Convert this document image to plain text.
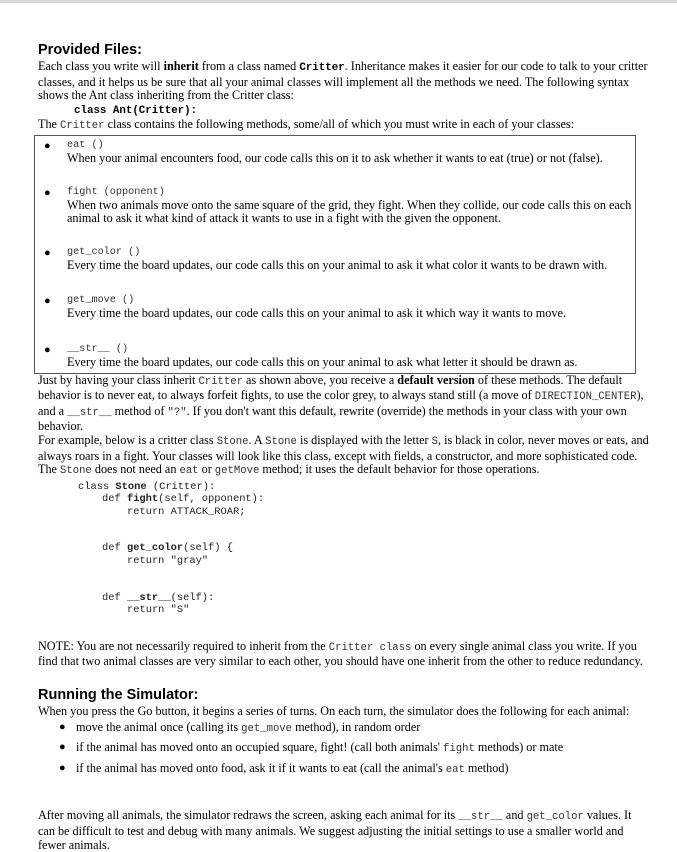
Provided Files:

Each class you write will inherit from a class named Critter. Inheritance makes it easier for our code to talk to your critter classes, and it helps us be sure that all your animal classes will implement all the methods we need. The following syntax shows the Ant class inheriting from the Critter class:

class Ant(Critter):

The Critter class contains the following methods, some/all of which you must write in each of your classes:

● eat ()

When your animal encounters food, our code calls this on it to ask whether it wants to eat (true) or not (false).

● fight (opponent)

When two animals move onto the same square of the grid, they fight. When they collide, our code calls this on each animal to ask it what kind of attack it wants to use in a fight with the given the opponent.

● get_color ()

Every time the board updates, our code calls this on your animal to ask it what color it wants to be drawn with.

● get_move ()

Every time the board updates, our code calls this on your animal to ask it which way it wants to move.

● __str__ ()

Every time the board updates, our code calls this on your animal to ask what letter it should be drawn as.

Just by having your class inherit Critter as shown above, you receive a default version of these methods. The default behavior is to never eat, to always forfeit fights, to use the color grey, to always stand still (a move of DIRECTION_CENTER), and a __str__ method of "?". If you don't want this default, rewrite (override) the methods in your class with your own behavior.

For example, below is a critter class Stone. A Stone is displayed with the letter S, is black in color, never moves or eats, and always roars in a fight. Your classes will look like this class, except with fields, a constructor, and more sophisticated code. The Stone does not need an eat or getMove method; it uses the default behavior for those operations.

class Stone (Critter):
def fight(self, opponent):
return ATTACK_ROAR;
def get_color(self) {
return "gray"
def __str__(self):
return "S"

NOTE: You are not necessarily required to inherit from the Critter class on every single animal class you write. If you find that two animal classes are very similar to each other, you should have one inherit from the other to reduce redundancy.

Running the Simulator:

When you press the Go button, it begins a series of turns. On each turn, the simulator does the following for each animal:

● move the animal once (calling its get_move method), in random order
● if the animal has moved onto an occupied square, fight! (call both animals' fight methods) or mate
● if the animal has moved onto food, ask it if it wants to eat (call the animal's eat method)

After moving all animals, the simulator redraws the screen, asking each animal for its __str__ and get_color values. It can be difficult to test and debug with many animals. We suggest adjusting the initial settings to use a smaller world and fewer animals.
